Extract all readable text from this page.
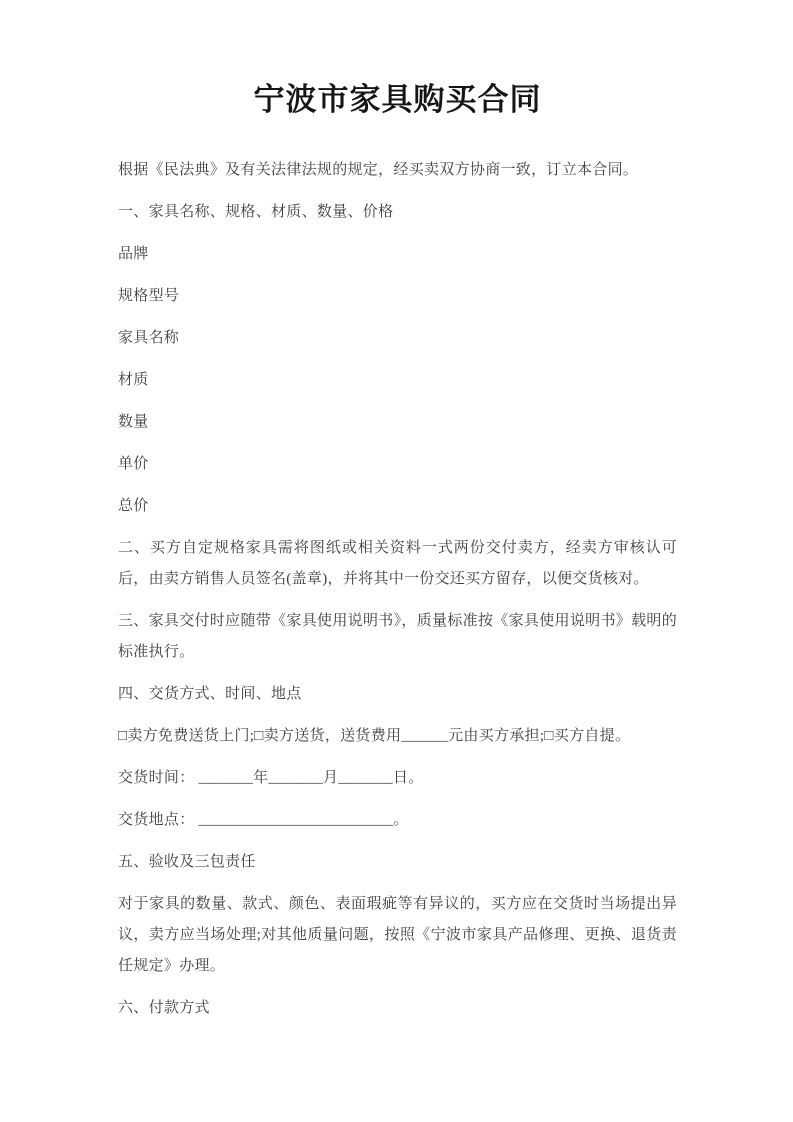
宁波市家具购买合同

根据《民法典》及有关法律法规的规定，经买卖双方协商一致，订立本合同。

一、家具名称、规格、材质、数量、价格

品牌

规格型号

家具名称

材质

数量

单价

总价

二、买方自定规格家具需将图纸或相关资料一式两份交付卖方，经卖方审核认可后，由卖方销售人员签名(盖章)，并将其中一份交还买方留存，以便交货核对。

三、家具交付时应随带《家具使用说明书》，质量标准按《家具使用说明书》载明的标准执行。

四、交货方式、时间、地点

□卖方免费送货上门;□卖方送货，送货费用______元由买方承担;□买方自提。

交货时间： _______年_______月_______日。

交货地点： _________________________。

五、验收及三包责任

对于家具的数量、款式、颜色、表面瑕疵等有异议的，买方应在交货时当场提出异议，卖方应当场处理;对其他质量问题，按照《宁波市家具产品修理、更换、退货责任规定》办理。

六、付款方式
